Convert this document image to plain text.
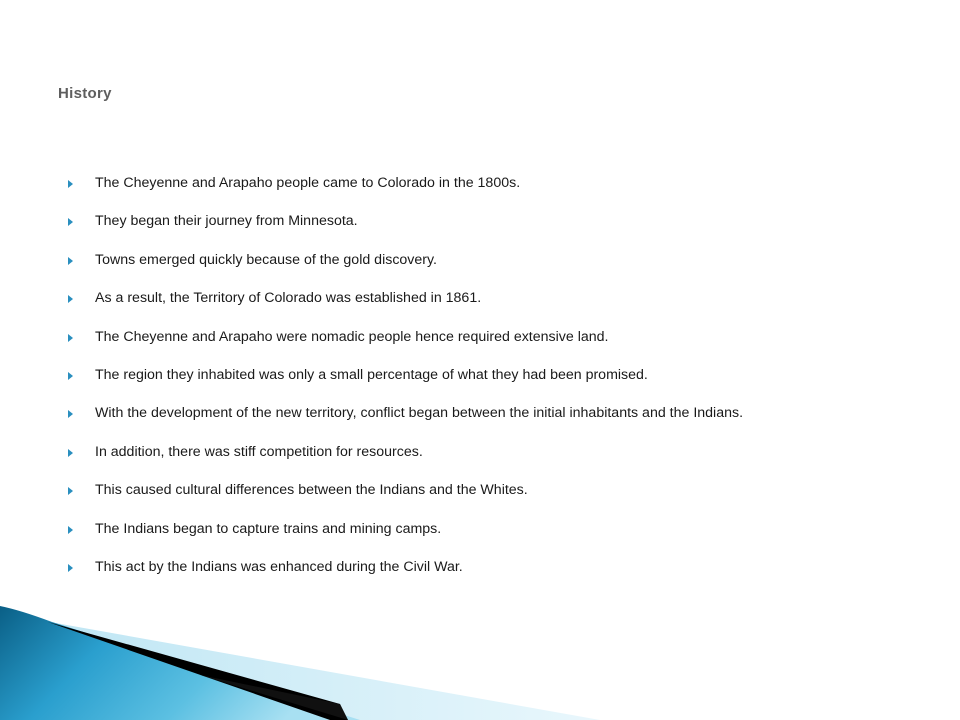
History
The Cheyenne and Arapaho people came to Colorado in the 1800s.
They began their journey from Minnesota.
Towns emerged quickly because of the gold discovery.
As a result, the Territory of Colorado was established in 1861.
The Cheyenne and Arapaho were nomadic people hence required extensive land.
The region they inhabited was only a small percentage of what they had been promised.
With the development of the new territory, conflict began between the initial inhabitants and the Indians.
In addition, there was stiff competition for resources.
This caused cultural differences between the Indians and the Whites.
The Indians began to capture trains and mining camps.
This act by the Indians was enhanced during the Civil War.
